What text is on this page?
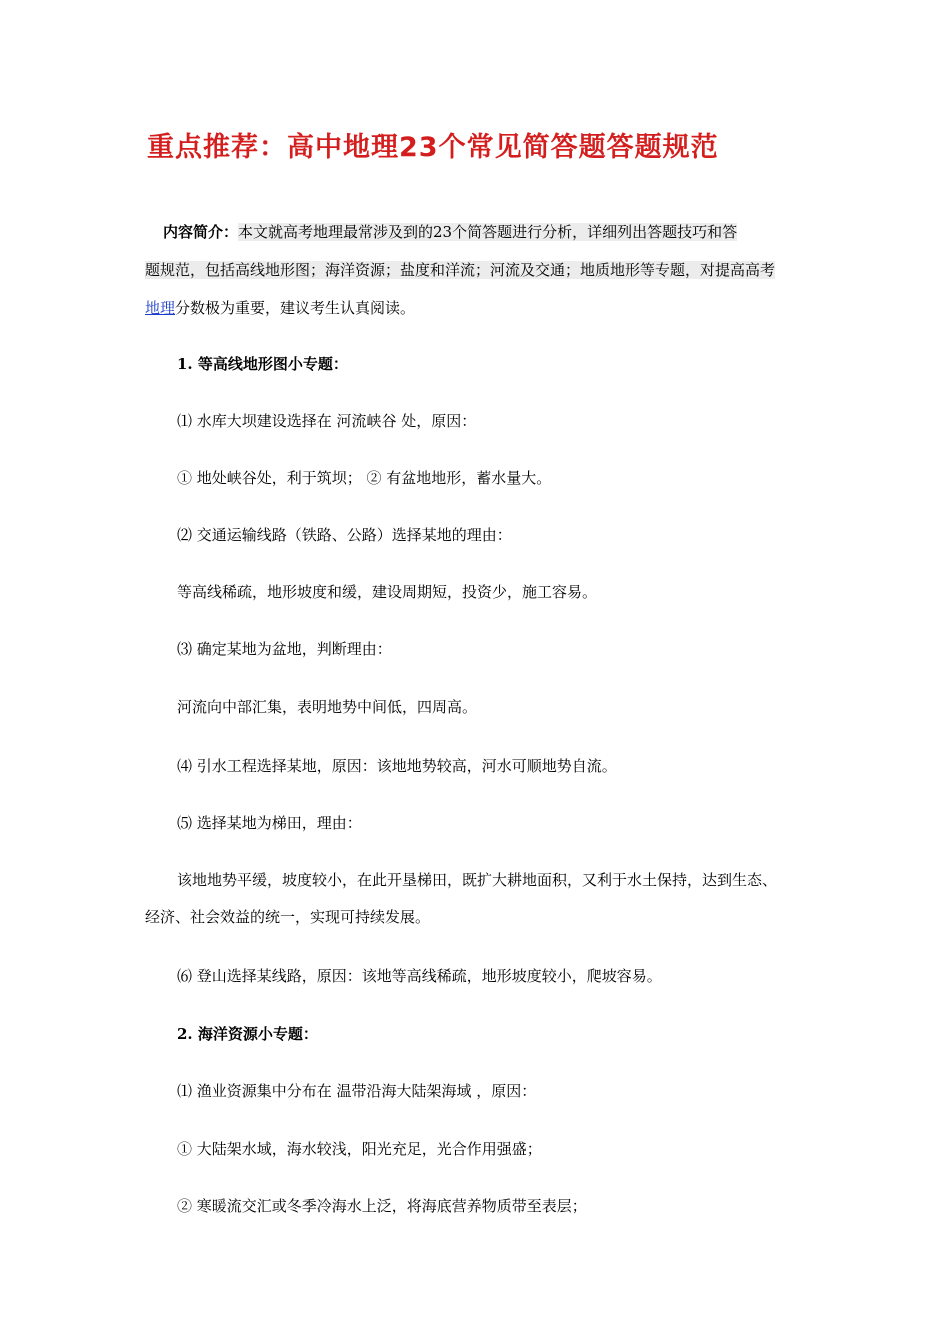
重点推荐：高中地理23个常见简答题答题规范
内容简介：本文就高考地理最常涉及到的23个简答题进行分析，详细列出答题技巧和答
题规范，包括高线地形图；海洋资源；盐度和洋流；河流及交通；地质地形等专题，对提高高考
地理分数极为重要，建议考生认真阅读。
1. 等高线地形图小专题：
⑴ 水库大坝建设选择在 河流峡谷 处，原因：
① 地处峡谷处，利于筑坝； ② 有盆地地形，蓄水量大。
⑵ 交通运输线路（铁路、公路）选择某地的理由：
等高线稀疏，地形坡度和缓，建设周期短，投资少，施工容易。
⑶ 确定某地为盆地，判断理由：
河流向中部汇集，表明地势中间低，四周高。
⑷ 引水工程选择某地，原因：该地地势较高，河水可顺地势自流。
⑸ 选择某地为梯田，理由：
该地地势平缓，坡度较小，在此开垦梯田，既扩大耕地面积，又利于水土保持，达到生态、
经济、社会效益的统一，实现可持续发展。
⑹ 登山选择某线路，原因：该地等高线稀疏，地形坡度较小，爬坡容易。
2. 海洋资源小专题：
⑴ 渔业资源集中分布在 温带沿海大陆架海域 ，原因：
① 大陆架水域，海水较浅，阳光充足，光合作用强盛；
② 寒暖流交汇或冬季冷海水上泛，将海底营养物质带至表层；
